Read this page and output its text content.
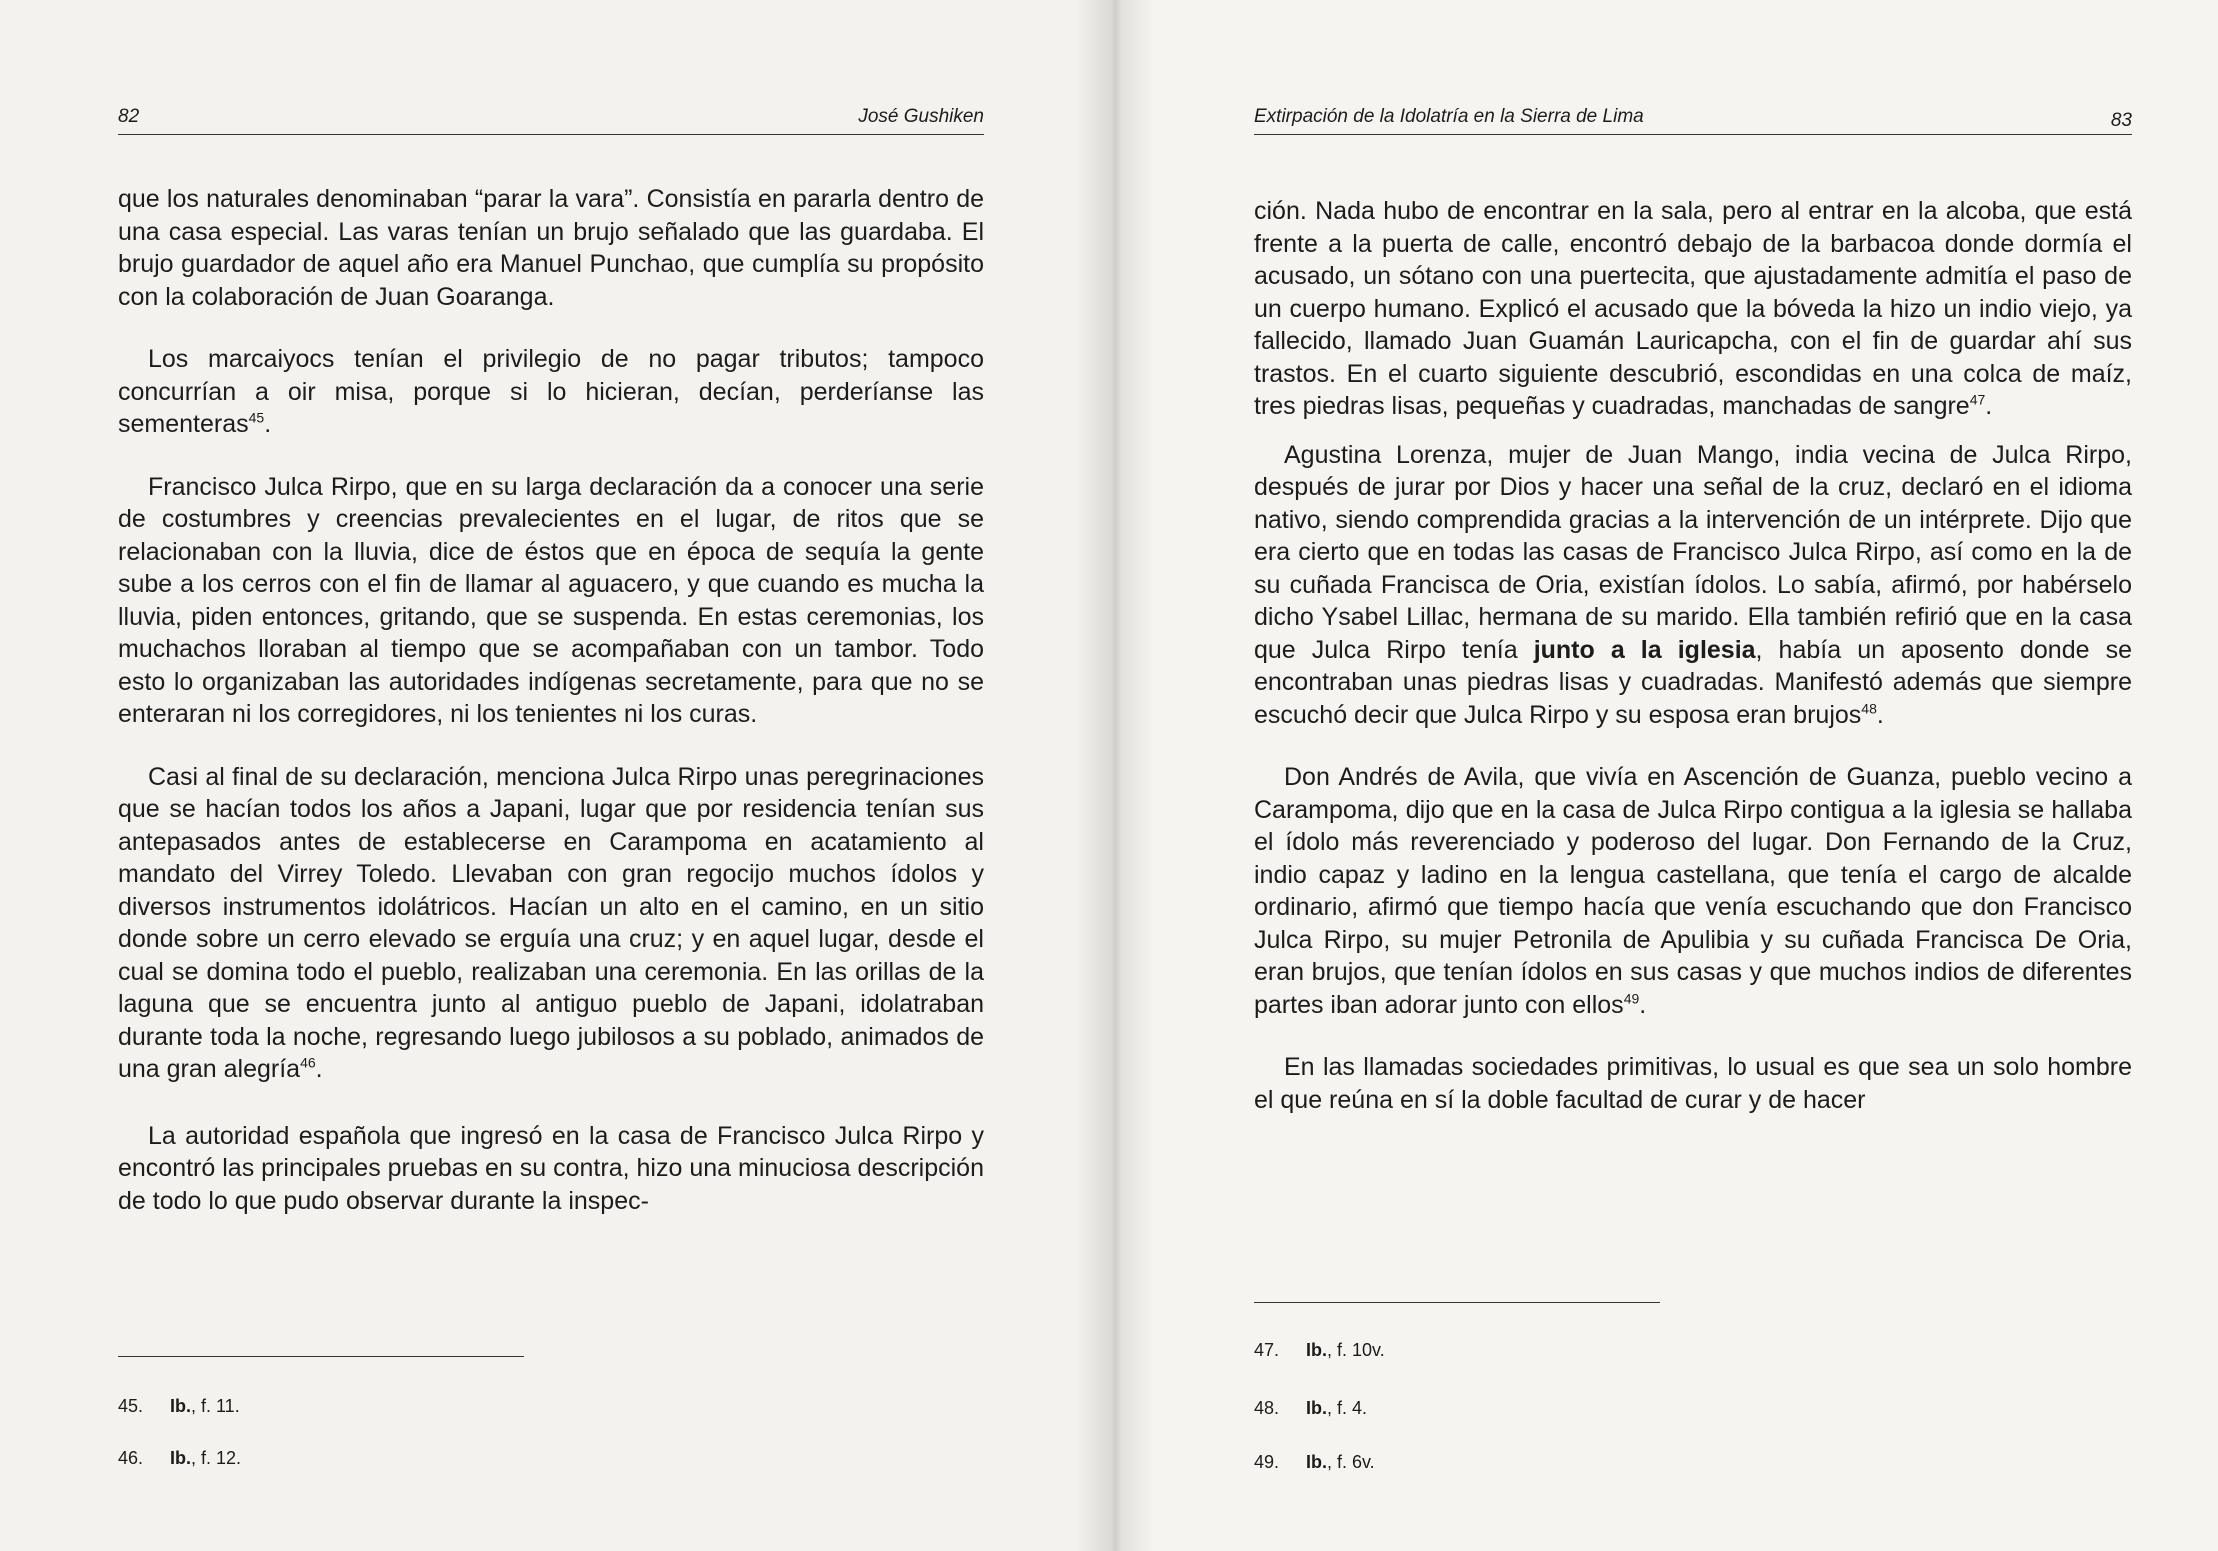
82	José Gushiken

que los naturales denominaban “parar la vara”. Consistía en pararla dentro de una casa especial. Las varas tenían un brujo señalado que las guardaba. El brujo guardador de aquel año era Manuel Punchao, que cumplía su propósito con la colaboración de Juan Goaranga.

Los marcaiyocs tenían el privilegio de no pagar tributos; tampoco concurrían a oir misa, porque si lo hicieran, decían, perderíanse las sementeras$^{45}$.

Francisco Julca Rirpo, que en su larga declaración da a conocer una serie de costumbres y creencias prevalecientes en el lugar, de ritos que se relacionaban con la lluvia, dice de éstos que en época de sequía la gente sube a los cerros con el fin de llamar al aguacero, y que cuando es mucha la lluvia, piden entonces, gritando, que se suspenda. En estas ceremonias, los muchachos lloraban al tiempo que se acompañaban con un tambor. Todo esto lo organizaban las autoridades indígenas secretamente, para que no se enteraran ni los corregidores, ni los tenientes ni los curas.

Casi al final de su declaración, menciona Julca Rirpo unas peregrinaciones que se hacían todos los años a Japani, lugar que por residencia tenían sus antepasados antes de establecerse en Carampoma en acatamiento al mandato del Virrey Toledo. Llevaban con gran regocijo muchos ídolos y diversos instrumentos idolátricos. Hacían un alto en el camino, en un sitio donde sobre un cerro elevado se erguía una cruz; y en aquel lugar, desde el cual se domina todo el pueblo, realizaban una ceremonia. En las orillas de la laguna que se encuentra junto al antiguo pueblo de Japani, idolatraban durante toda la noche, regresando luego jubilosos a su poblado, animados de una gran alegría$^{46}$.

La autoridad española que ingresó en la casa de Francisco Julca Rirpo y encontró las principales pruebas en su contra, hizo una minuciosa descripción de todo lo que pudo observar durante la inspec-

45. Ib., f. 11.
46. Ib., f. 12.
Extirpación de la Idolatría en la Sierra de Lima	83

ción. Nada hubo de encontrar en la sala, pero al entrar en la alcoba, que está frente a la puerta de calle, encontró debajo de la barbacoa donde dormía el acusado, un sótano con una puertecita, que ajustadamente admitía el paso de un cuerpo humano. Explicó el acusado que la bóveda la hizo un indio viejo, ya fallecido, llamado Juan Guamán Lauricapcha, con el fin de guardar ahí sus trastos. En el cuarto siguiente descubrió, escondidas en una colca de maíz, tres piedras lisas, pequeñas y cuadradas, manchadas de sangre$^{47}$.

Agustina Lorenza, mujer de Juan Mango, india vecina de Julca Rirpo, después de jurar por Dios y hacer una señal de la cruz, declaró en el idioma nativo, siendo comprendida gracias a la intervención de un intérprete. Dijo que era cierto que en todas las casas de Francisco Julca Rirpo, así como en la de su cuñada Francisca de Oria, existían ídolos. Lo sabía, afirmó, por habérselo dicho Ysabel Lillac, hermana de su marido. Ella también refirió que en la casa que Julca Rirpo tenía junto a la iglesia, había un aposento donde se encontraban unas piedras lisas y cuadradas. Manifestó además que siempre escuchó decir que Julca Rirpo y su esposa eran brujos$^{48}$.

Don Andrés de Avila, que vivía en Ascención de Guanza, pueblo vecino a Carampoma, dijo que en la casa de Julca Rirpo contigua a la iglesia se hallaba el ídolo más reverenciado y poderoso del lugar. Don Fernando de la Cruz, indio capaz y ladino en la lengua castellana, que tenía el cargo de alcalde ordinario, afirmó que tiempo hacía que venía escuchando que don Francisco Julca Rirpo, su mujer Petronila de Apulibia y su cuñada Francisca De Oria, eran brujos, que tenían ídolos en sus casas y que muchos indios de diferentes partes iban adorar junto con ellos$^{49}$.

En las llamadas sociedades primitivas, lo usual es que sea un solo hombre el que reúna en sí la doble facultad de curar y de hacer

47. Ib., f. 10v.
48. Ib., f. 4.
49. Ib., f. 6v.
